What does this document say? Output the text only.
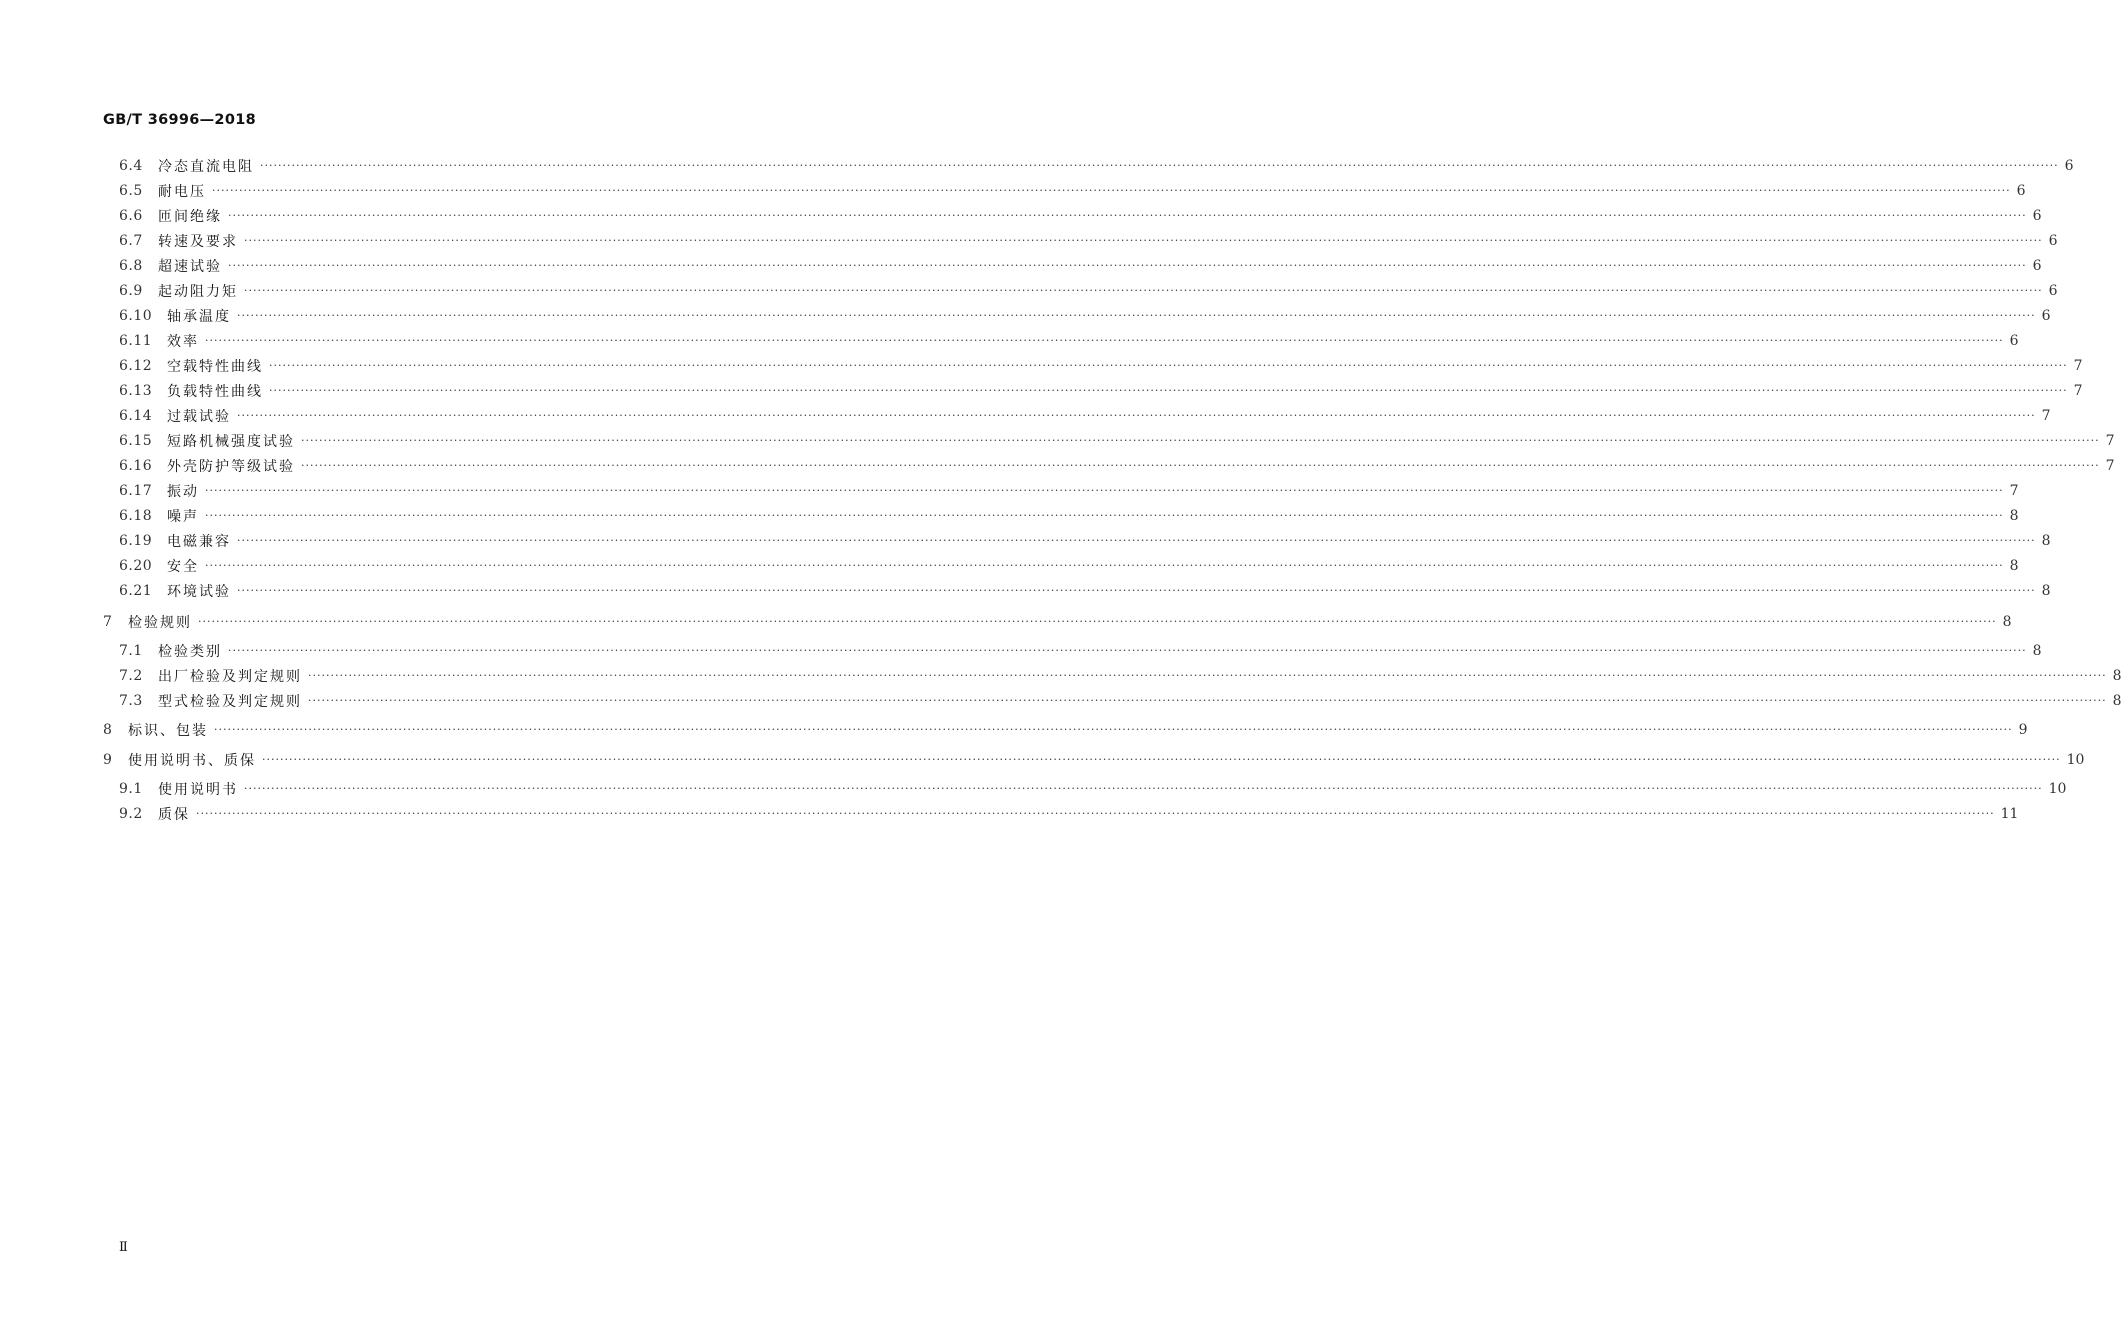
GB/T 36996—2018
6.4	冷态直流电阻 ················································································································································································································································································································································································································ 6
6.5	耐电压 ················································································································································································································································································································································································································ 6
6.6	匝间绝缘 ················································································································································································································································································································································································································ 6
6.7	转速及要求 ················································································································································································································································································································································································································ 6
6.8	超速试验 ················································································································································································································································································································································································································ 6
6.9	起动阻力矩 ················································································································································································································································································································································································································ 6
6.10	轴承温度 ················································································································································································································································································································································································································ 6
6.11	效率 ················································································································································································································································································································································································································ 6
6.12	空载特性曲线 ················································································································································································································································································································································································································ 7
6.13	负载特性曲线 ················································································································································································································································································································································································································ 7
6.14	过载试验 ················································································································································································································································································································································································································ 7
6.15	短路机械强度试验 ················································································································································································································································································································································································································ 7
6.16	外壳防护等级试验 ················································································································································································································································································································································································································ 7
6.17	振动 ················································································································································································································································································································································································································ 7
6.18	噪声 ················································································································································································································································································································································································································ 8
6.19	电磁兼容 ················································································································································································································································································································································································································ 8
6.20	安全 ················································································································································································································································································································································································································ 8
6.21	环境试验 ················································································································································································································································································································································································································ 8
7	检验规则 ················································································································································································································································································································································································································ 8
7.1	检验类别 ················································································································································································································································································································································································································ 8
7.2	出厂检验及判定规则 ················································································································································································································································································································································································································ 8
7.3	型式检验及判定规则 ················································································································································································································································································································································································································ 8
8	标识、包装 ················································································································································································································································································································································································································ 9
9	使用说明书、质保 ················································································································································································································································································································································································································ 10
9.1	使用说明书 ················································································································································································································································································································································································································ 10
9.2	质保 ················································································································································································································································································································································································································ 11
Ⅱ
